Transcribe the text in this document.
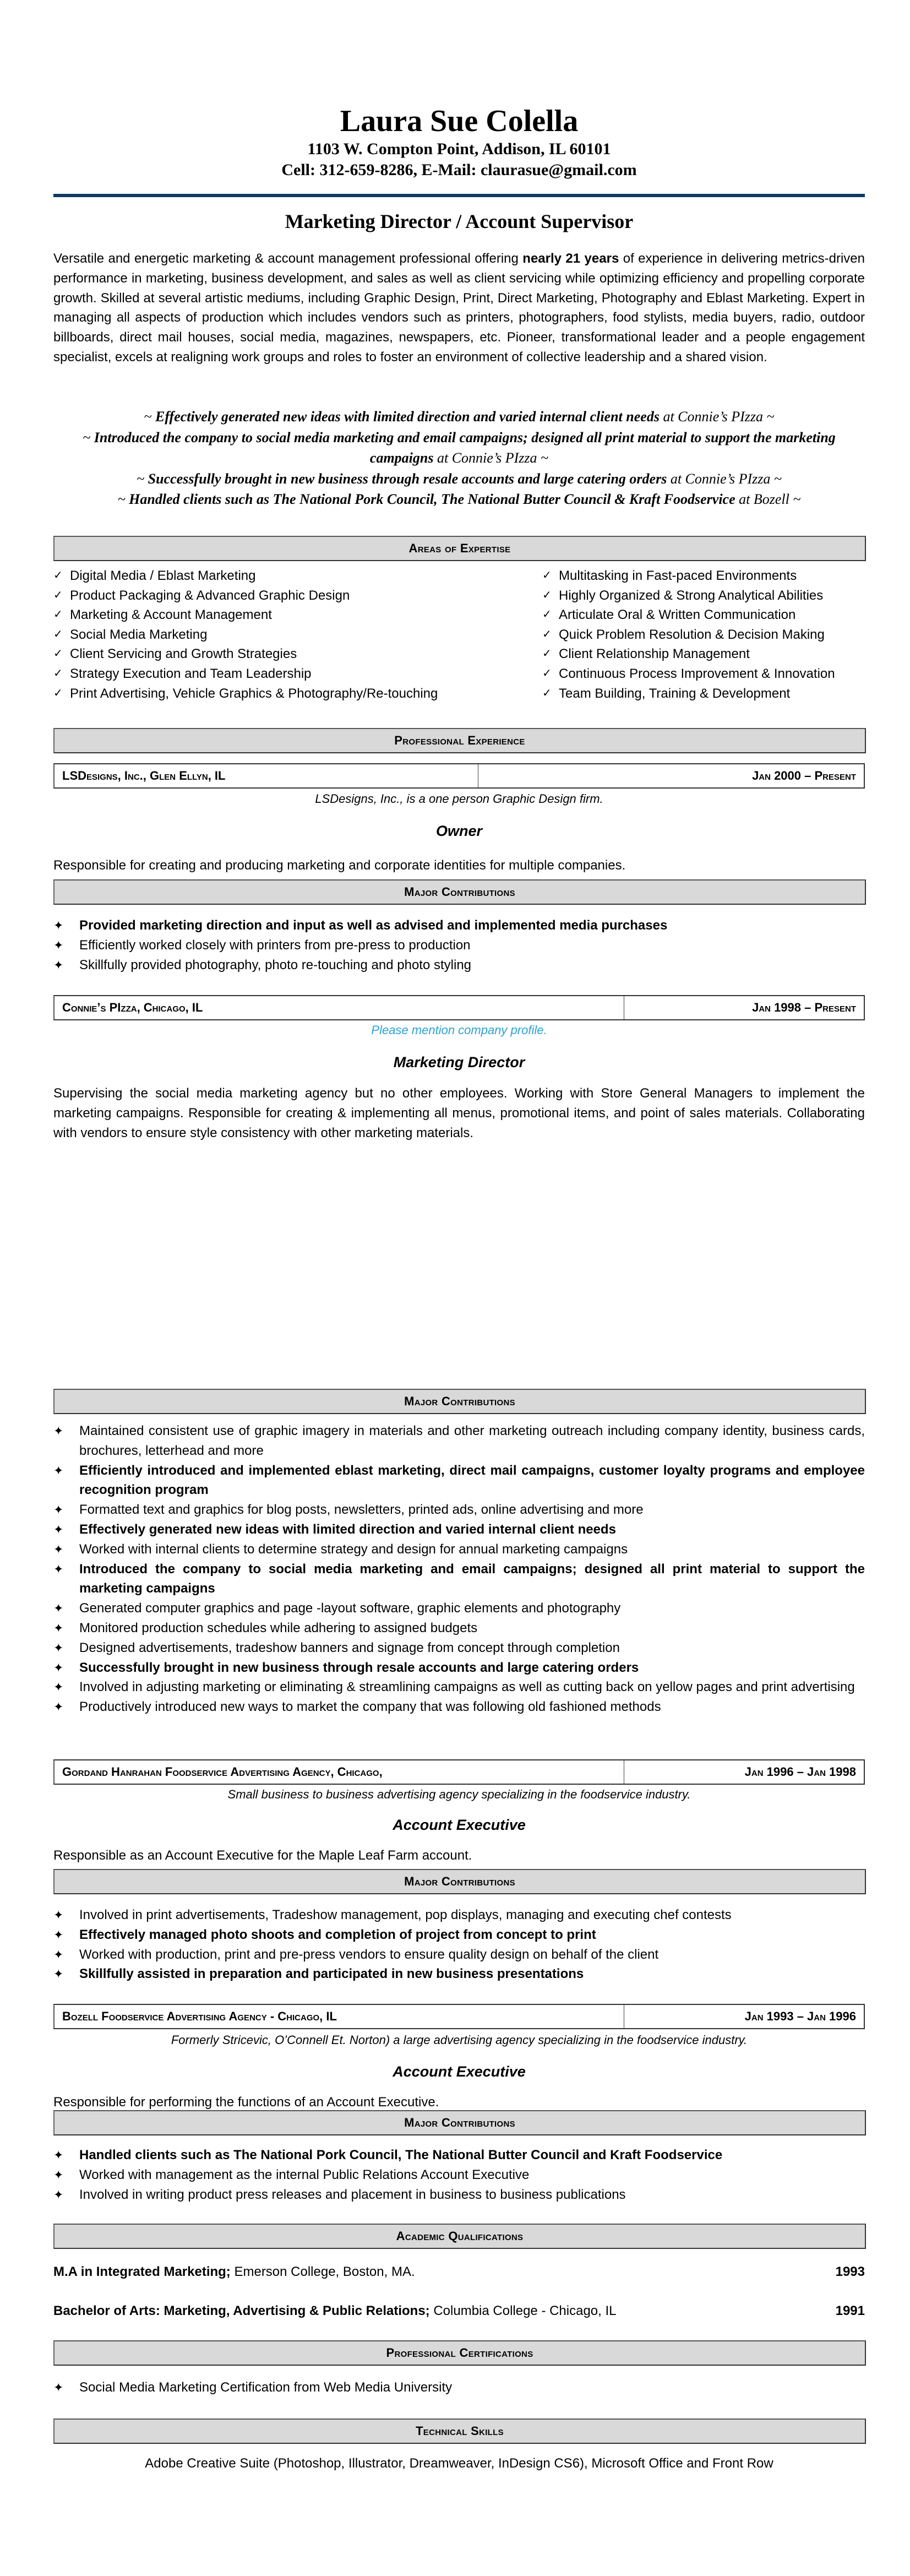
Laura Sue Colella
1103 W. Compton Point, Addison, IL 60101
Cell: 312-659-8286, E-Mail: claurasue@gmail.com
Marketing Director / Account Supervisor
Versatile and energetic marketing & account management professional offering nearly 21 years of experience in delivering metrics-driven performance in marketing, business development, and sales as well as client servicing while optimizing efficiency and propelling corporate growth. Skilled at several artistic mediums, including Graphic Design, Print, Direct Marketing, Photography and Eblast Marketing. Expert in managing all aspects of production which includes vendors such as printers, photographers, food stylists, media buyers, radio, outdoor billboards, direct mail houses, social media, magazines, newspapers, etc. Pioneer, transformational leader and a people engagement specialist, excels at realigning work groups and roles to foster an environment of collective leadership and a shared vision.
~ Effectively generated new ideas with limited direction and varied internal client needs at Connie’s PIzza ~
~ Introduced the company to social media marketing and email campaigns; designed all print material to support the marketing campaigns at Connie’s PIzza ~
~ Successfully brought in new business through resale accounts and large catering orders at Connie’s PIzza ~
~ Handled clients such as The National Pork Council, The National Butter Council & Kraft Foodservice at Bozell ~
Areas of Expertise
✓ Digital Media / Eblast Marketing
✓ Product Packaging & Advanced Graphic Design
✓ Marketing & Account Management
✓ Social Media Marketing
✓ Client Servicing and Growth Strategies
✓ Strategy Execution and Team Leadership
✓ Print Advertising, Vehicle Graphics & Photography/Re-touching
✓ Multitasking in Fast-paced Environments
✓ Highly Organized & Strong Analytical Abilities
✓ Articulate Oral & Written Communication
✓ Quick Problem Resolution & Decision Making
✓ Client Relationship Management
✓ Continuous Process Improvement & Innovation
✓ Team Building, Training & Development
Professional Experience
LSDesigns, Inc., Glen Ellyn, IL	Jan 2000 – Present
LSDesigns, Inc., is a one person Graphic Design firm.
Owner
Responsible for creating and producing marketing and corporate identities for multiple companies.
Major Contributions
✦	Provided marketing direction and input as well as advised and implemented media purchases
✦	Efficiently worked closely with printers from pre-press to production
✦	Skillfully provided photography, photo re-touching and photo styling
Connie’s PIzza, Chicago, IL	Jan 1998 – Present
Please mention company profile.
Marketing Director
Supervising the social media marketing agency but no other employees. Working with Store General Managers to implement the marketing campaigns. Responsible for creating & implementing all menus, promotional items, and point of sales materials. Collaborating with vendors to ensure style consistency with other marketing materials.
Major Contributions
✦	Maintained consistent use of graphic imagery in materials and other marketing outreach including company identity, business cards, brochures, letterhead and more
✦	Efficiently introduced and implemented eblast marketing, direct mail campaigns, customer loyalty programs and employee recognition program
✦	Formatted text and graphics for blog posts, newsletters, printed ads, online advertising and more
✦	Effectively generated new ideas with limited direction and varied internal client needs
✦	Worked with internal clients to determine strategy and design for annual marketing campaigns
✦	Introduced the company to social media marketing and email campaigns; designed all print material to support the marketing campaigns
✦	Generated computer graphics and page -layout software, graphic elements and photography
✦	Monitored production schedules while adhering to assigned budgets
✦	Designed advertisements, tradeshow banners and signage from concept through completion
✦	Successfully brought in new business through resale accounts and large catering orders
✦	Involved in adjusting marketing or eliminating & streamlining campaigns as well as cutting back on yellow pages and print advertising
✦	Productively introduced new ways to market the company that was following old fashioned methods
Gordand Hanrahan Foodservice Advertising Agency, Chicago,	Jan 1996 – Jan 1998
Small business to business advertising agency specializing in the foodservice industry.
Account Executive
Responsible as an Account Executive for the Maple Leaf Farm account.
Major Contributions
✦	Involved in print advertisements, Tradeshow management, pop displays, managing and executing chef contests
✦	Effectively managed photo shoots and completion of project from concept to print
✦	Worked with production, print and pre-press vendors to ensure quality design on behalf of the client
✦	Skillfully assisted in preparation and participated in new business presentations
Bozell Foodservice Advertising Agency - Chicago, IL	Jan 1993 – Jan 1996
Formerly Stricevic, O’Connell Et. Norton) a large advertising agency specializing in the foodservice industry.
Account Executive
Responsible for performing the functions of an Account Executive.
Major Contributions
✦	Handled clients such as The National Pork Council, The National Butter Council and Kraft Foodservice
✦	Worked with management as the internal Public Relations Account Executive
✦	Involved in writing product press releases and placement in business to business publications
Academic Qualifications
M.A in Integrated Marketing; Emerson College, Boston, MA.	1993
Bachelor of Arts: Marketing, Advertising & Public Relations; Columbia College - Chicago, IL	1991
Professional Certifications
✦	Social Media Marketing Certification from Web Media University
Technical Skills
Adobe Creative Suite (Photoshop, Illustrator, Dreamweaver, InDesign CS6), Microsoft Office and Front Row
